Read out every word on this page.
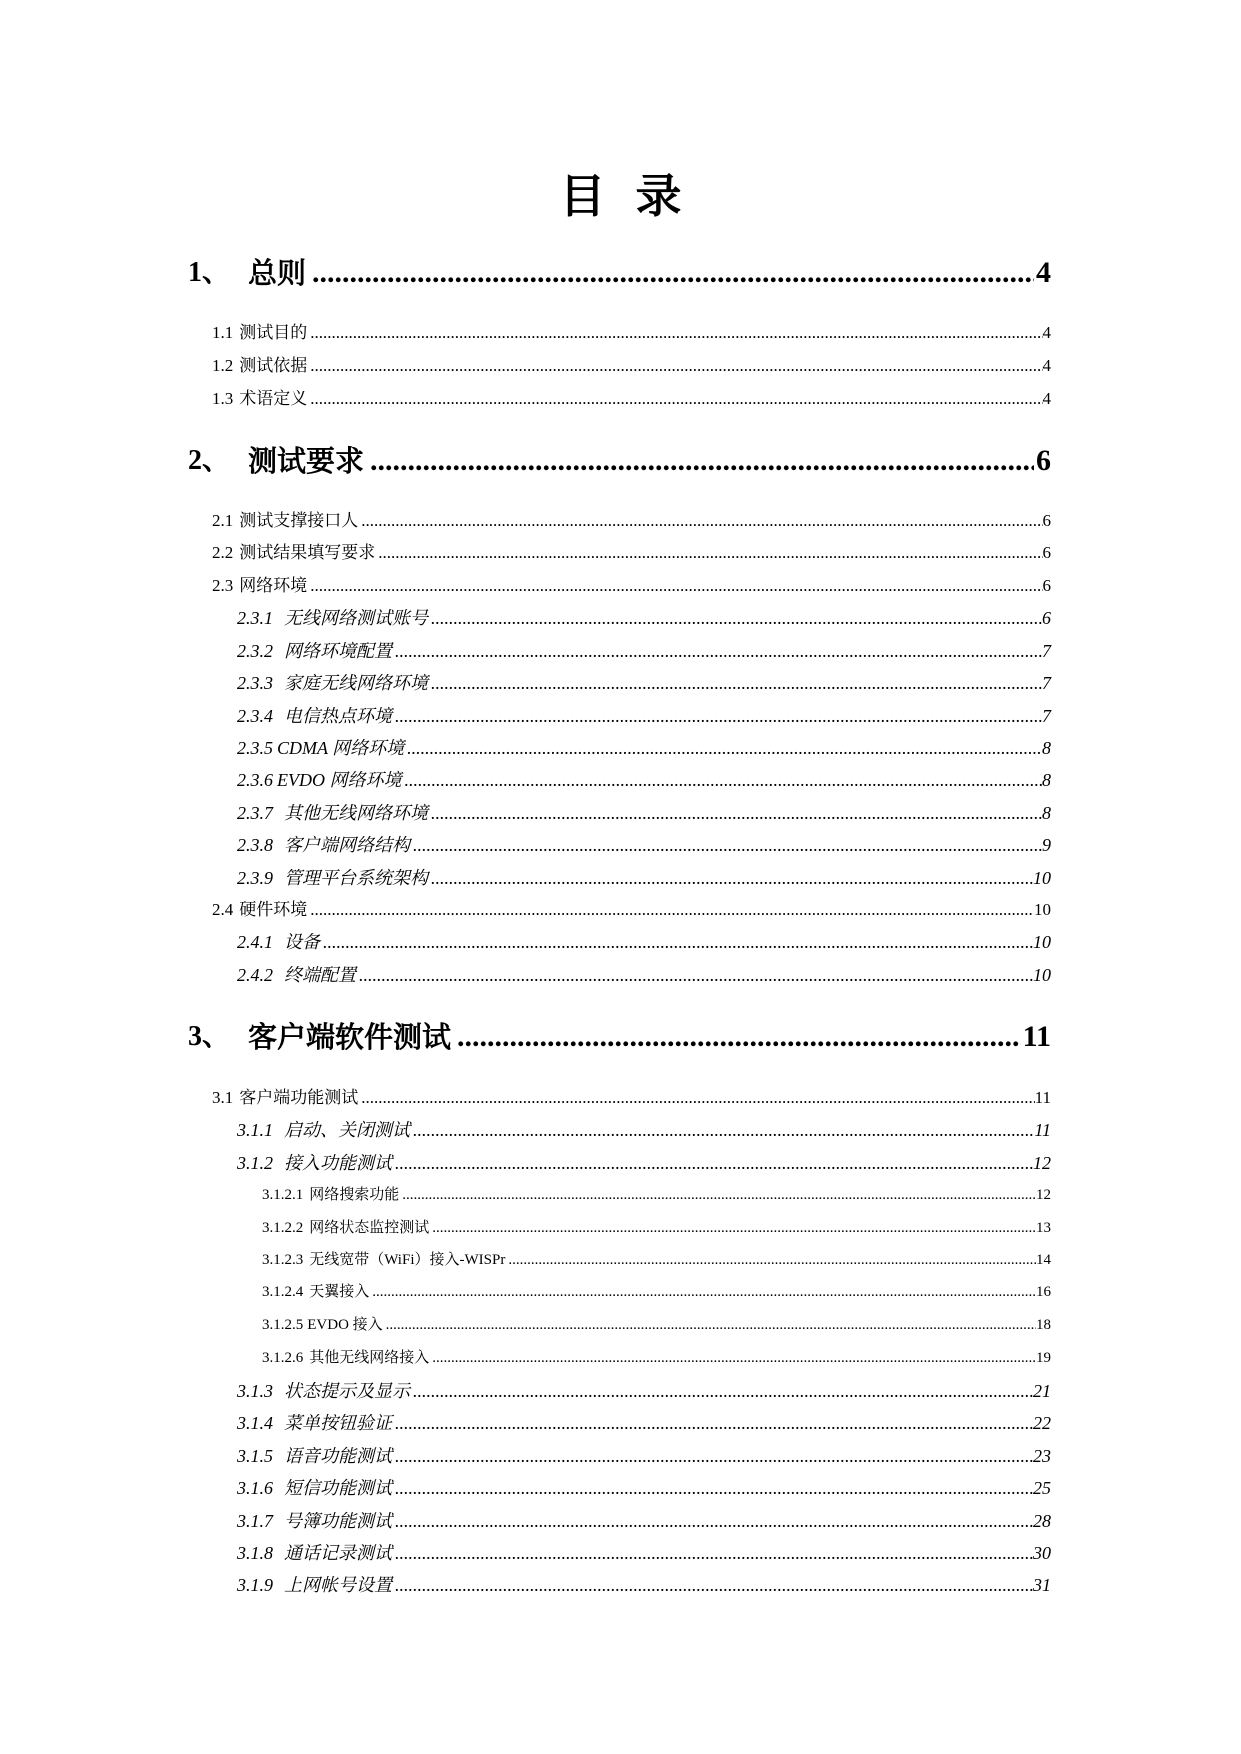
目 录
1、 总则 .....	4
1.1 测试目的 .....	4
1.2 测试依据 .....	4
1.3 术语定义 .....	4
2、 测试要求 .....	6
2.1 测试支撑接口人 .....	6
2.2 测试结果填写要求 .....	6
2.3 网络环境 .....	6
2.3.1 无线网络测试账号 .....	6
2.3.2 网络环境配置 .....	7
2.3.3 家庭无线网络环境 .....	7
2.3.4 电信热点环境 .....	7
2.3.5 CDMA 网络环境 .....	8
2.3.6 EVDO 网络环境 .....	8
2.3.7 其他无线网络环境 .....	8
2.3.8 客户端网络结构 .....	9
2.3.9 管理平台系统架构 .....	10
2.4 硬件环境 .....	10
2.4.1 设备 .....	10
2.4.2 终端配置 .....	10
3、 客户端软件测试 .....	11
3.1 客户端功能测试 .....	11
3.1.1 启动、关闭测试 .....	11
3.1.2 接入功能测试 .....	12
3.1.2.1 网络搜索功能 .....	12
3.1.2.2 网络状态监控测试 .....	13
3.1.2.3 无线宽带（WiFi）接入-WISPr .....	14
3.1.2.4 天翼接入 .....	16
3.1.2.5 EVDO 接入 .....	18
3.1.2.6 其他无线网络接入 .....	19
3.1.3 状态提示及显示 .....	21
3.1.4 菜单按钮验证 .....	22
3.1.5 语音功能测试 .....	23
3.1.6 短信功能测试 .....	25
3.1.7 号簿功能测试 .....	28
3.1.8 通话记录测试 .....	30
3.1.9 上网帐号设置 .....	31
